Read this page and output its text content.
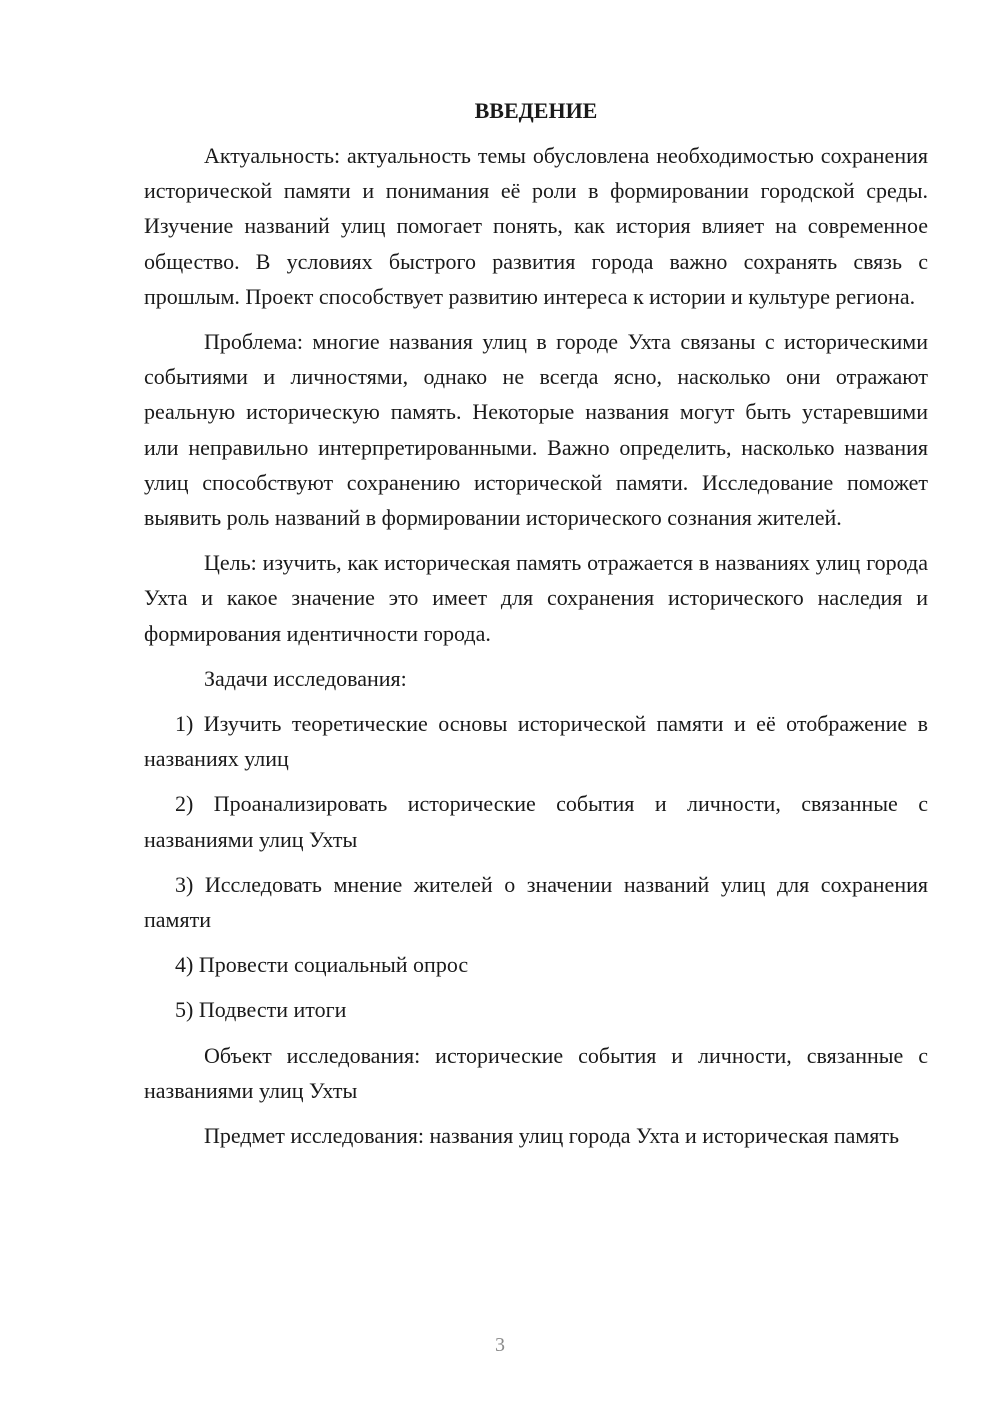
ВВЕДЕНИЕ

Актуальность: актуальность темы обусловлена необходимостью сохранения исторической памяти и понимания её роли в формировании городской среды. Изучение названий улиц помогает понять, как история влияет на современное общество. В условиях быстрого развития города важно сохранять связь с прошлым. Проект способствует развитию интереса к истории и культуре региона.

Проблема: многие названия улиц в городе Ухта связаны с историческими событиями и личностями, однако не всегда ясно, насколько они отражают реальную историческую память. Некоторые названия могут быть устаревшими или неправильно интерпретированными. Важно определить, насколько названия улиц способствуют сохранению исторической памяти. Исследование поможет выявить роль названий в формировании исторического сознания жителей.

Цель: изучить, как историческая память отражается в названиях улиц города Ухта и какое значение это имеет для сохранения исторического наследия и формирования идентичности города.

Задачи исследования:

1) Изучить теоретические основы исторической памяти и её отображение в названиях улиц

2) Проанализировать исторические события и личности, связанные с названиями улиц Ухты

3) Исследовать мнение жителей о значении названий улиц для сохранения памяти

4) Провести социальный опрос

5) Подвести итоги

Объект исследования: исторические события и личности, связанные с названиями улиц Ухты

Предмет исследования: названия улиц города Ухта и историческая память

3
